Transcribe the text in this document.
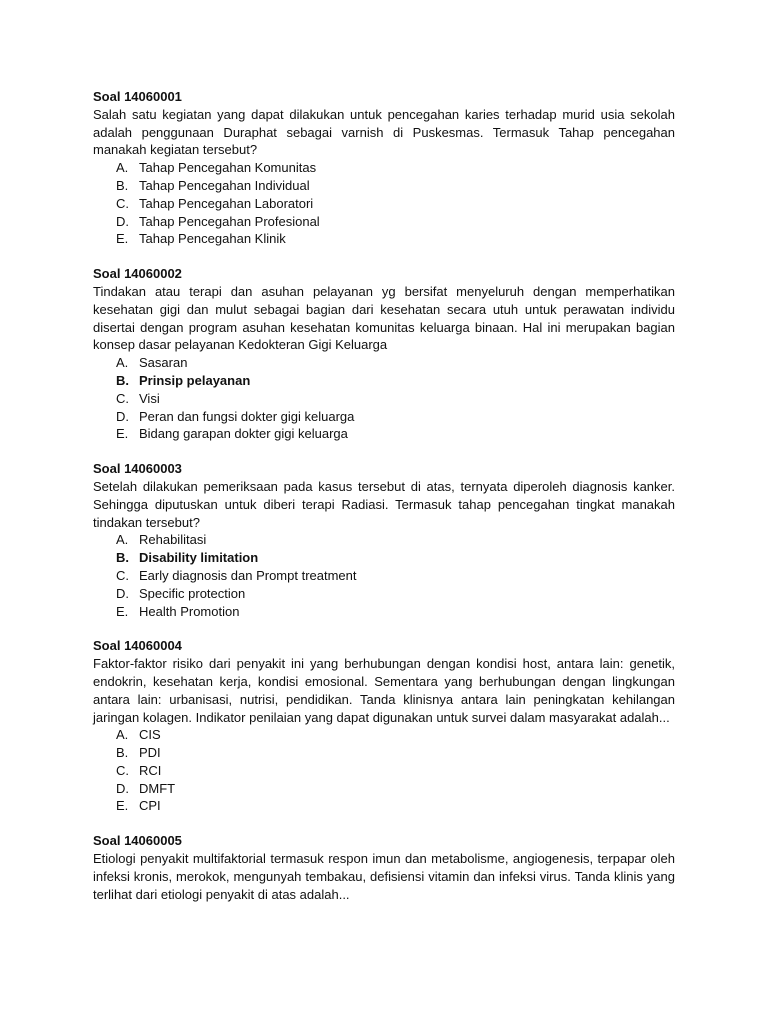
Soal 14060001
Salah satu kegiatan yang dapat dilakukan untuk pencegahan karies terhadap murid usia sekolah adalah penggunaan Duraphat sebagai varnish di Puskesmas. Termasuk Tahap pencegahan manakah kegiatan tersebut?
A. Tahap Pencegahan Komunitas
B. Tahap Pencegahan Individual
C. Tahap Pencegahan Laboratori
D. Tahap Pencegahan Profesional
E. Tahap Pencegahan Klinik
Soal 14060002
Tindakan atau terapi dan asuhan pelayanan yg bersifat menyeluruh dengan memperhatikan kesehatan gigi dan mulut sebagai bagian dari kesehatan secara utuh untuk perawatan individu disertai dengan program asuhan kesehatan komunitas keluarga binaan. Hal ini merupakan bagian konsep dasar pelayanan Kedokteran Gigi Keluarga
A. Sasaran
B. Prinsip pelayanan
C. Visi
D. Peran dan fungsi dokter gigi keluarga
E. Bidang garapan dokter gigi keluarga
Soal 14060003
Setelah dilakukan pemeriksaan pada kasus tersebut di atas, ternyata diperoleh diagnosis kanker. Sehingga diputuskan untuk diberi terapi Radiasi. Termasuk tahap pencegahan tingkat manakah tindakan tersebut?
A. Rehabilitasi
B. Disability limitation
C. Early diagnosis dan Prompt treatment
D. Specific protection
E. Health Promotion
Soal 14060004
Faktor-faktor risiko dari penyakit ini yang berhubungan dengan kondisi host, antara lain: genetik, endokrin, kesehatan kerja, kondisi emosional. Sementara yang berhubungan dengan lingkungan antara lain: urbanisasi, nutrisi, pendidikan. Tanda klinisnya antara lain peningkatan kehilangan jaringan kolagen. Indikator penilaian yang dapat digunakan untuk survei dalam masyarakat adalah...
A. CIS
B. PDI
C. RCI
D. DMFT
E. CPI
Soal 14060005
Etiologi penyakit multifaktorial termasuk respon imun dan metabolisme, angiogenesis, terpapar oleh infeksi kronis, merokok, mengunyah tembakau, defisiensi vitamin dan infeksi virus. Tanda klinis yang terlihat dari etiologi penyakit di atas adalah...
